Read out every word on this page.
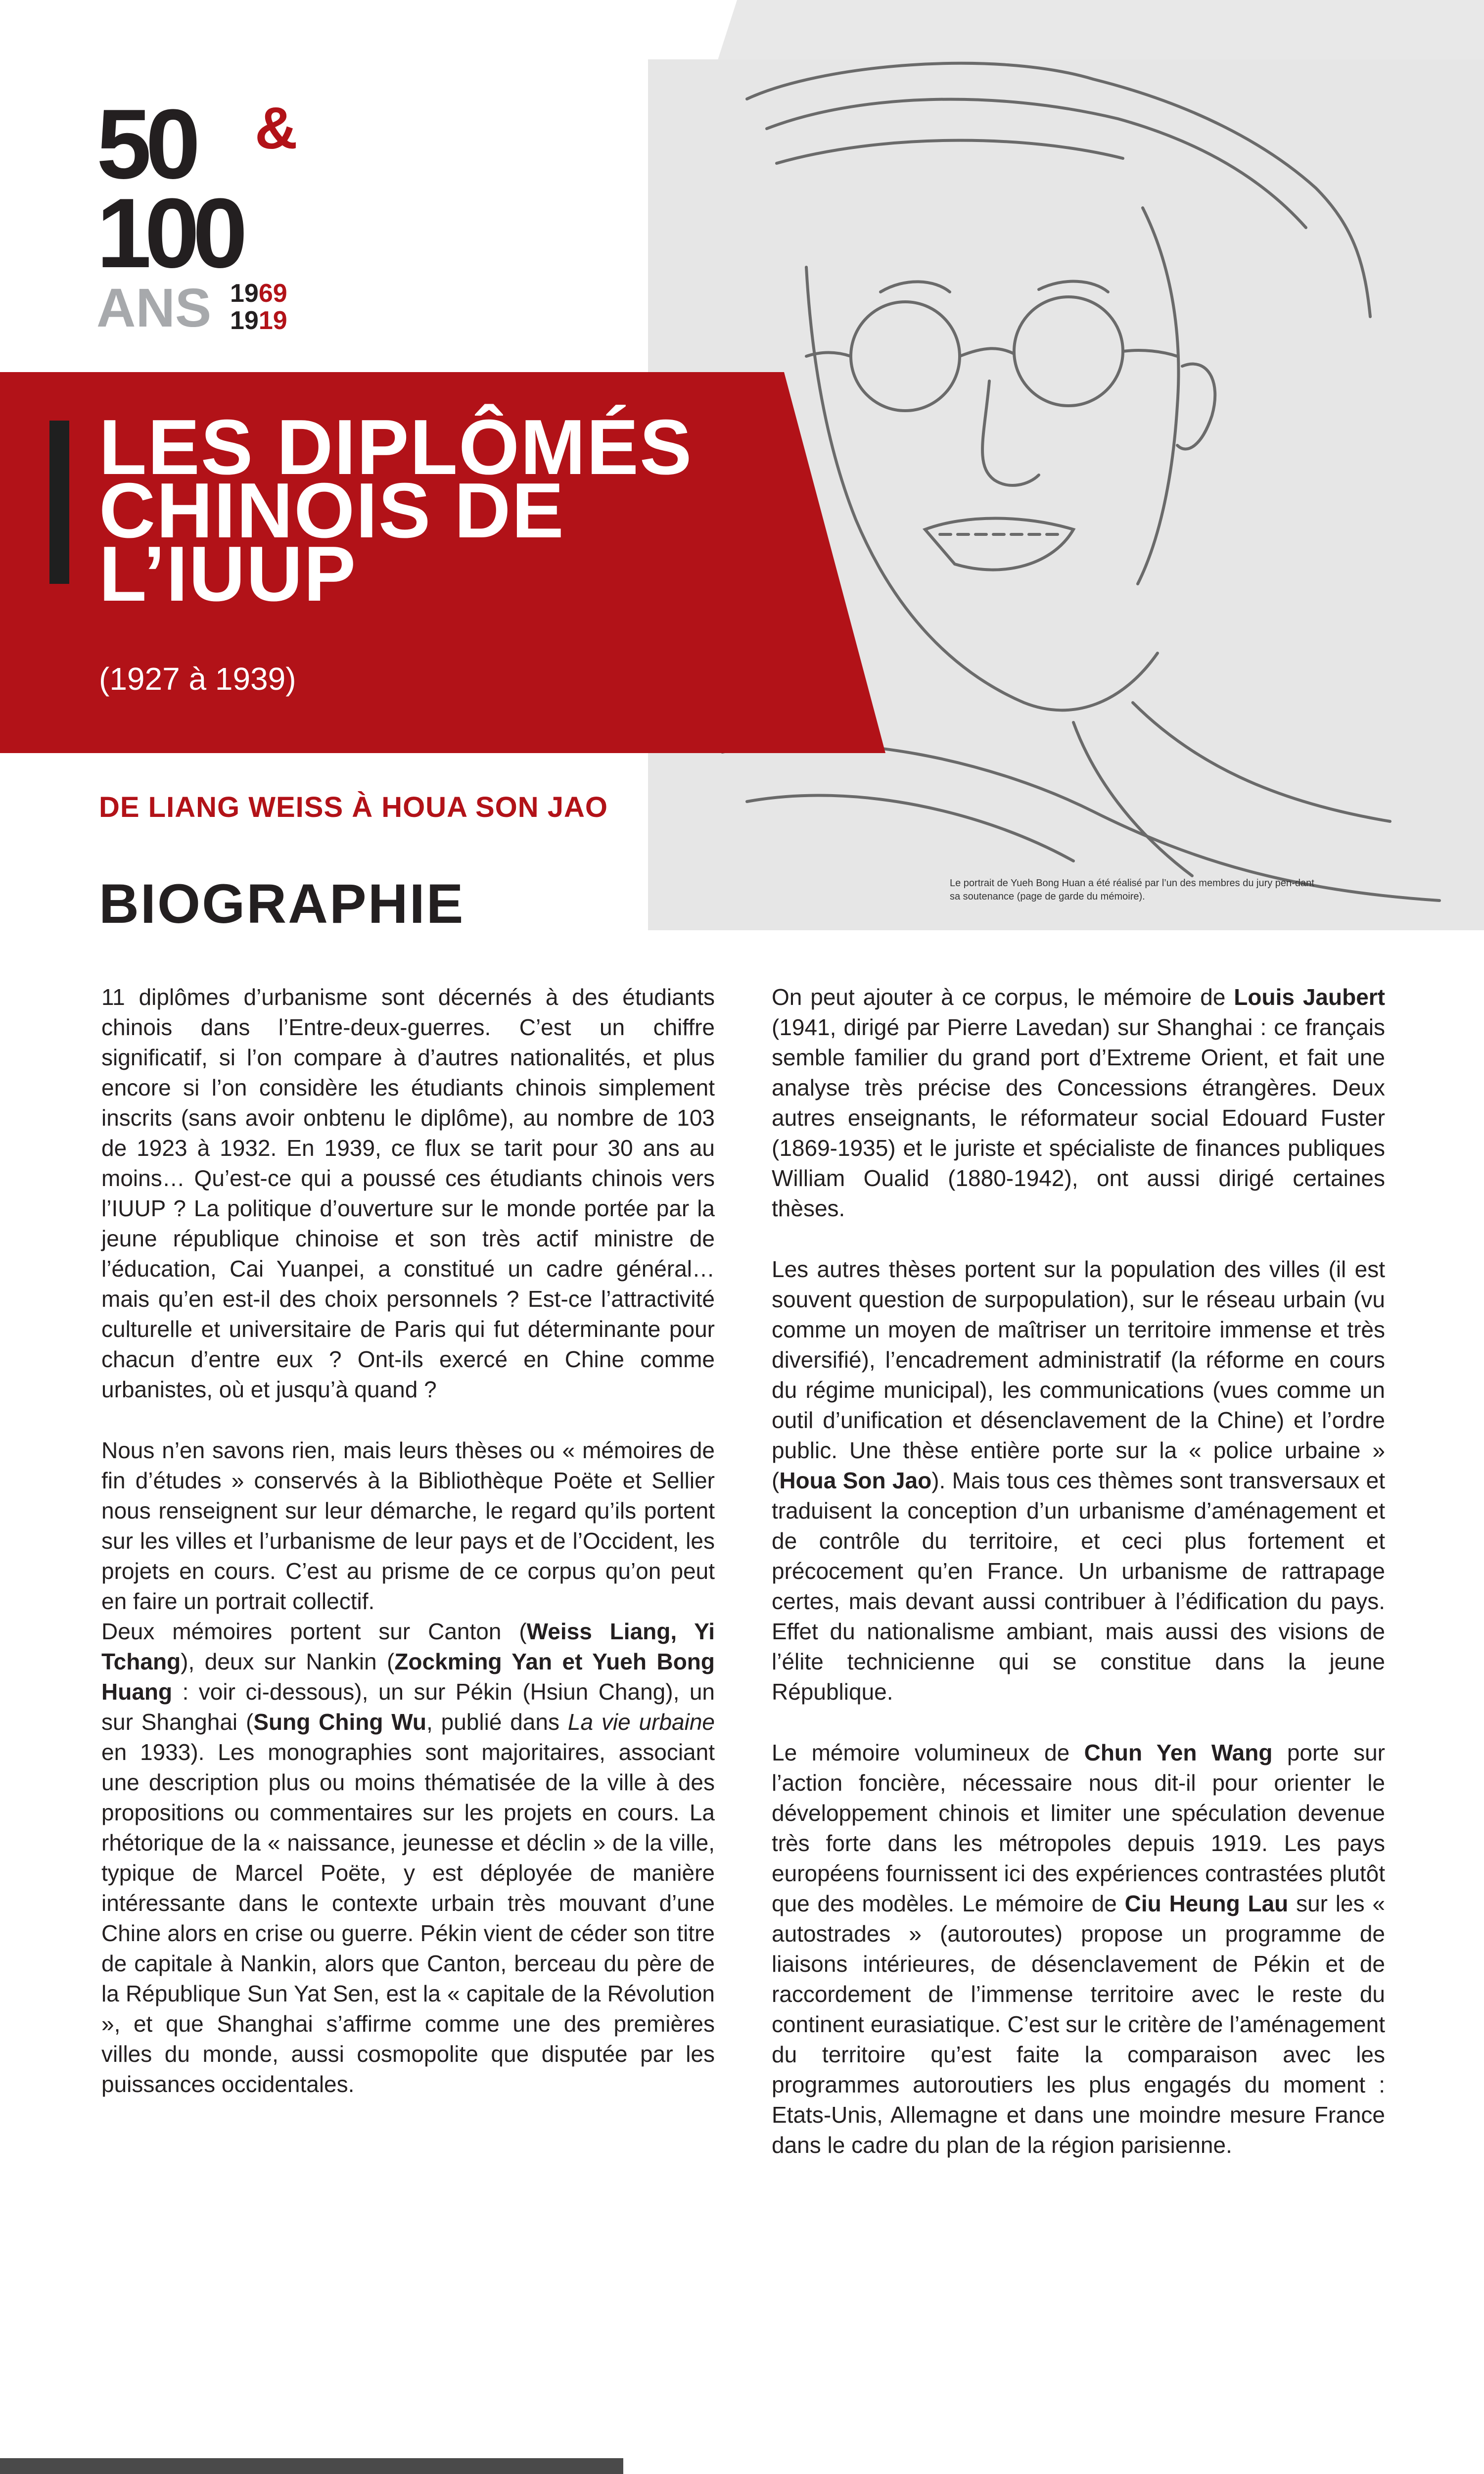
Le portrait de Yueh Bong Huan a été réalisé par l’un des membres du jury pen-dant sa soutenance (page de garde du mémoire).
50 &
100
ANS 1969
1919
LES DIPLÔMÉS CHINOIS DE L’IUUP
(1927 à 1939)
DE LIANG WEISS À HOUA SON JAO
BIOGRAPHIE

11 diplômes d’urbanisme sont décernés à des étudiants chinois dans l’Entre-deux-guerres. C’est un chiffre significatif, si l’on compare à d’autres nationalités, et plus encore si l’on considère les étudiants chinois simplement inscrits (sans avoir onbtenu le diplôme), au nombre de 103 de 1923 à 1932. En 1939, ce flux se tarit pour 30 ans au moins… Qu’est-ce qui a poussé ces étudiants chinois vers l’IUUP ? La politique d’ouverture sur le monde portée par la jeune république chinoise et son très actif ministre de l’éducation, Cai Yuanpei, a constitué un cadre général… mais qu’en est-il des choix personnels ? Est-ce l’attractivité culturelle et universitaire de Paris qui fut déterminante pour chacun d’entre eux ? Ont-ils exercé en Chine comme urbanistes, où et jusqu’à quand ?

Nous n’en savons rien, mais leurs thèses ou « mémoires de fin d’études » conservés à la Bibliothèque Poëte et Sellier nous renseignent sur leur démarche, le regard qu’ils portent sur les villes et l’urbanisme de leur pays et de l’Occident, les projets en cours. C’est au prisme de ce corpus qu’on peut en faire un portrait collectif.

Deux mémoires portent sur Canton (Weiss Liang, Yi Tchang), deux sur Nankin (Zockming Yan et Yueh Bong Huang : voir ci-dessous), un sur Pékin (Hsiun Chang), un sur Shanghai (Sung Ching Wu, publié dans La vie urbaine en 1933). Les monographies sont majoritaires, associant une description plus ou moins thématisée de la ville à des propositions ou commentaires sur les projets en cours. La rhétorique de la « naissance, jeunesse et déclin » de la ville, typique de Marcel Poëte, y est déployée de manière intéressante dans le contexte urbain très mouvant d’une Chine alors en crise ou guerre. Pékin vient de céder son titre de capitale à Nankin, alors que Canton, berceau du père de la République Sun Yat Sen, est la « capitale de la Révolution », et que Shanghai s’affirme comme une des premières villes du monde, aussi cosmopolite que disputée par les puissances occidentales.

On peut ajouter à ce corpus, le mémoire de Louis Jaubert (1941, dirigé par Pierre Lavedan) sur Shanghai : ce français semble familier du grand port d’Extreme Orient, et fait une analyse très précise des Concessions étrangères. Deux autres enseignants, le réformateur social Edouard Fuster (1869-1935) et le juriste et spécialiste de finances publiques William Oualid (1880-1942), ont aussi dirigé certaines thèses.

Les autres thèses portent sur la population des villes (il est souvent question de surpopulation), sur le réseau urbain (vu comme un moyen de maîtriser un territoire immense et très diversifié), l’encadrement administratif (la réforme en cours du régime municipal), les communications (vues comme un outil d’unification et désenclavement de la Chine) et l’ordre public. Une thèse entière porte sur la « police urbaine » (Houa Son Jao). Mais tous ces thèmes sont transversaux et traduisent la conception d’un urbanisme d’aménagement et de contrôle du territoire, et ceci plus fortement et précocement qu’en France. Un urbanisme de rattrapage certes, mais devant aussi contribuer à l’édification du pays. Effet du nationalisme ambiant, mais aussi des visions de l’élite technicienne qui se constitue dans la jeune République.

Le mémoire volumineux de Chun Yen Wang porte sur l’action foncière, nécessaire nous dit-il pour orienter le développement chinois et limiter une spéculation devenue très forte dans les métropoles depuis 1919. Les pays européens fournissent ici des expériences contrastées plutôt que des modèles. Le mémoire de Ciu Heung Lau sur les « autostrades » (autoroutes) propose un programme de liaisons intérieures, de désenclavement de Pékin et de raccordement de l’immense territoire avec le reste du continent eurasiatique. C’est sur le critère de l’aménagement du territoire qu’est faite la comparaison avec les programmes autoroutiers les plus engagés du moment : Etats-Unis, Allemagne et dans une moindre mesure France dans le cadre du plan de la région parisienne.
